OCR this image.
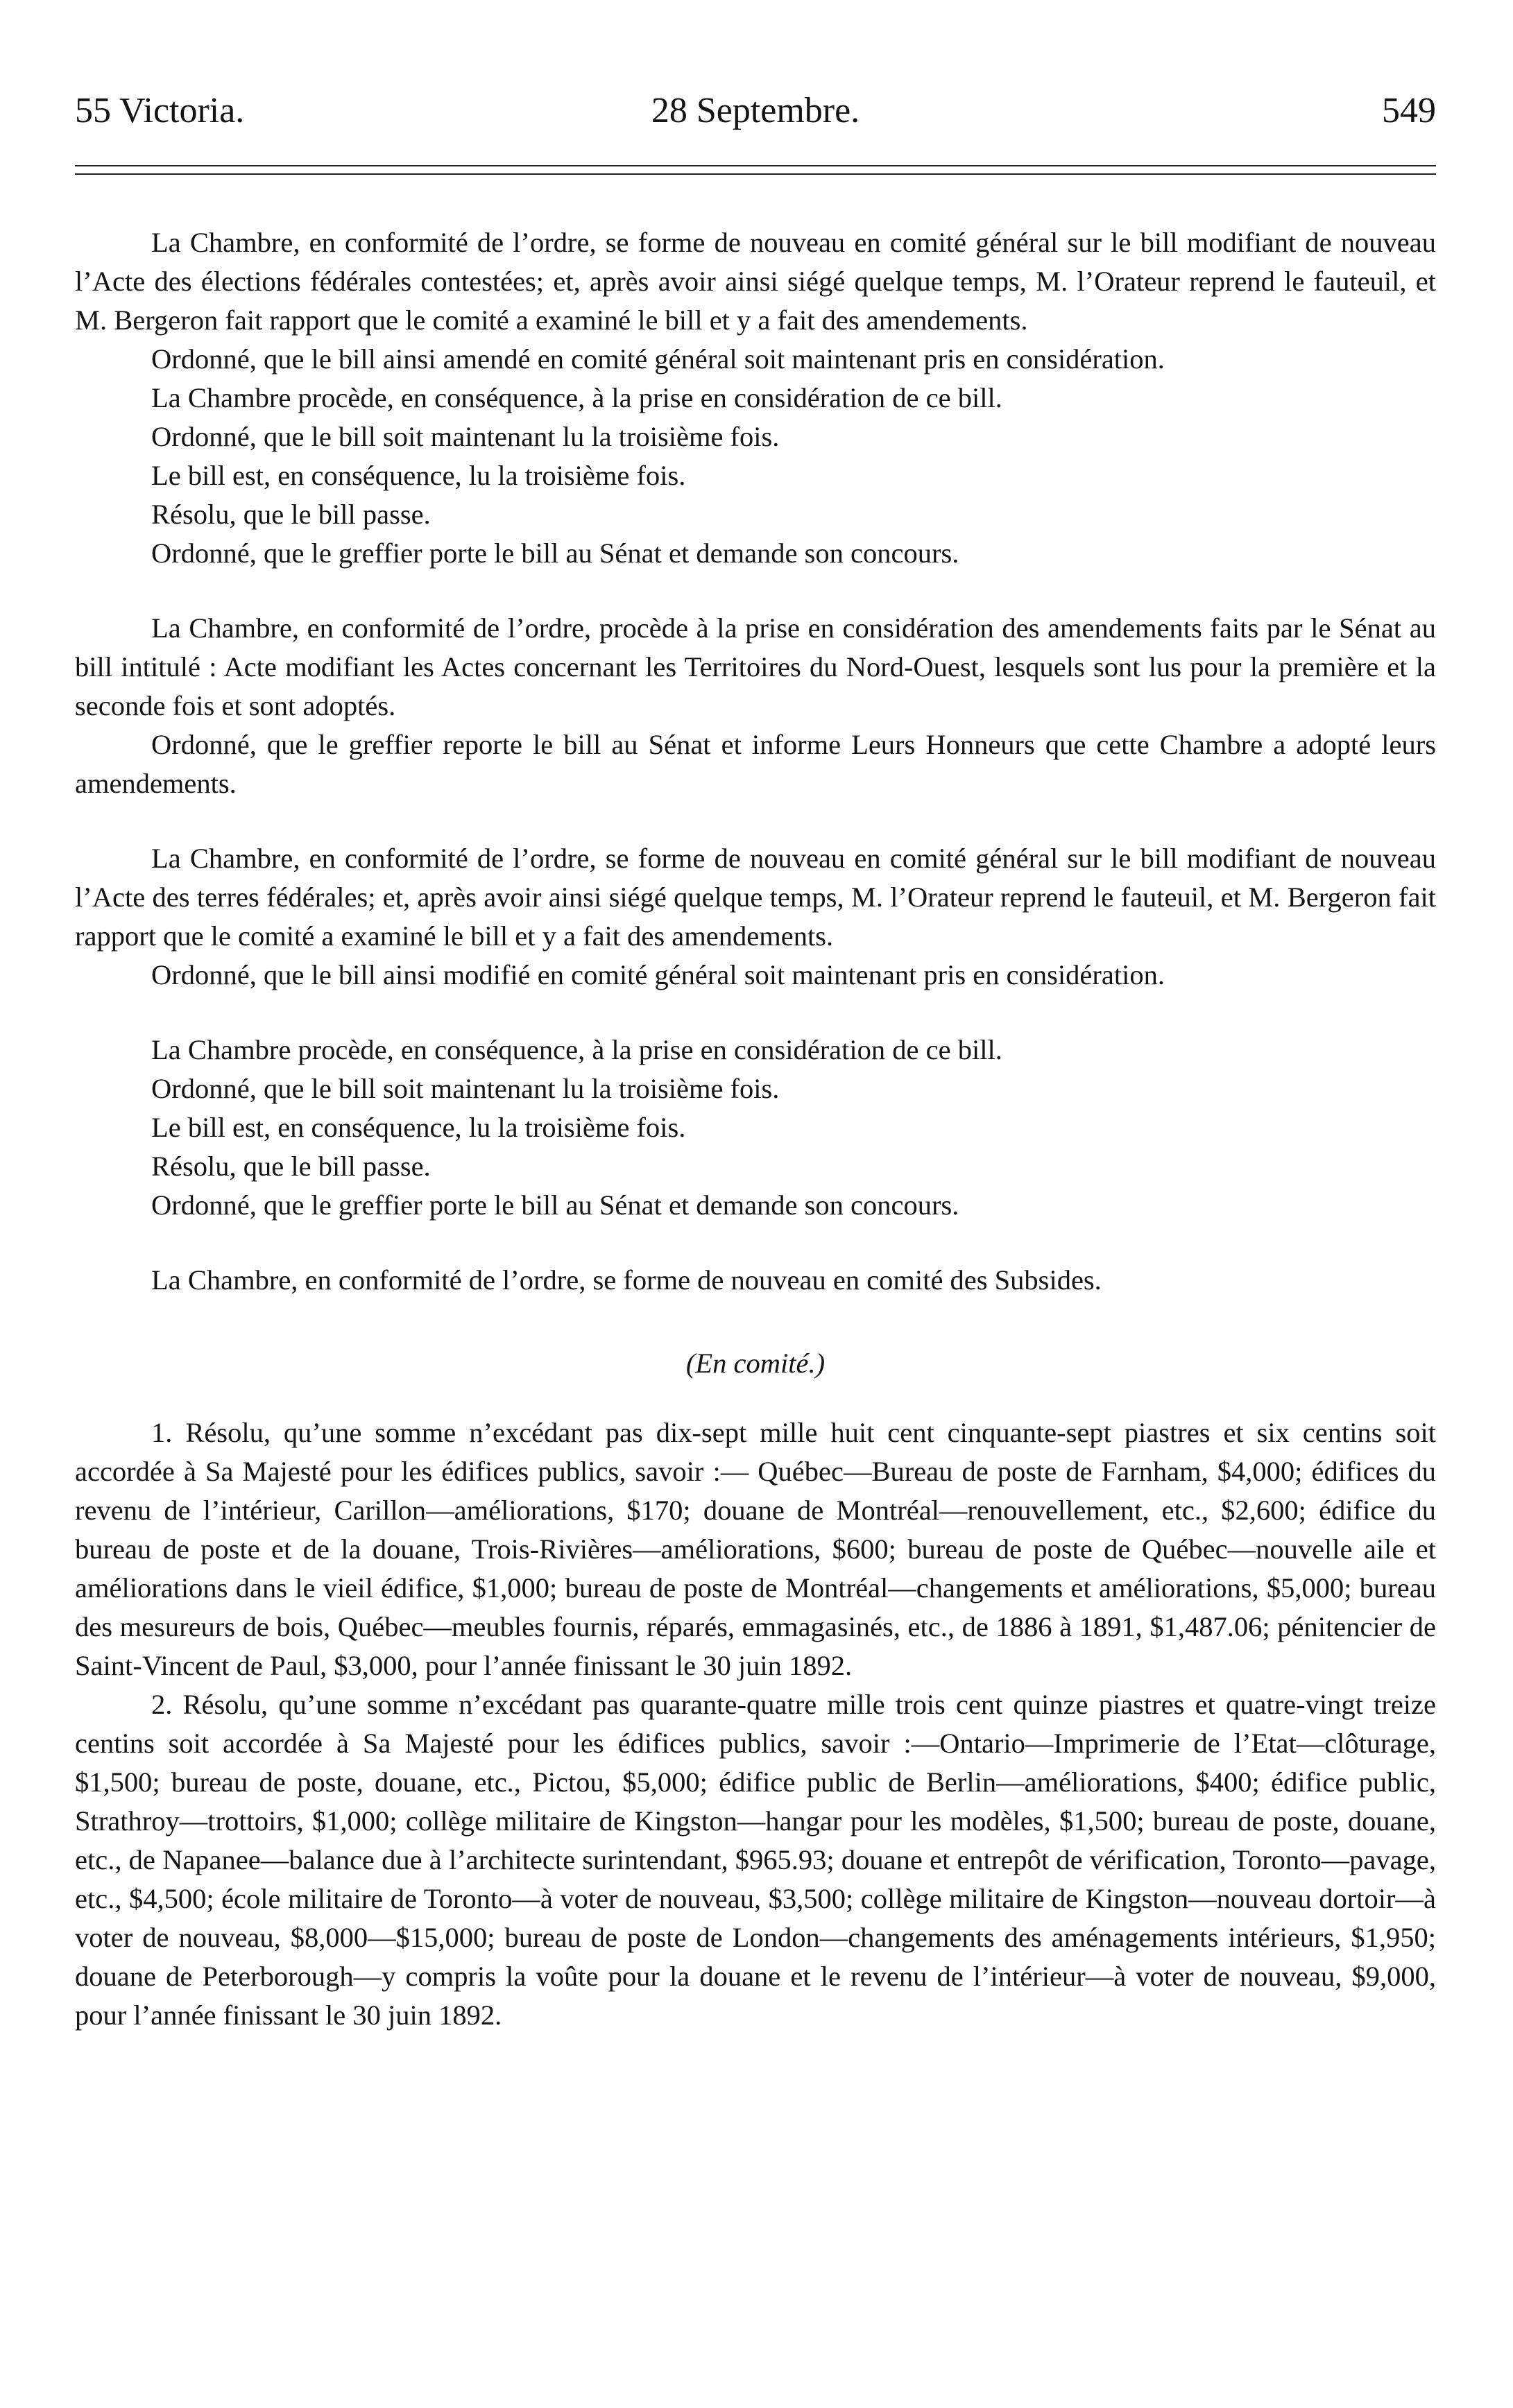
55 Victoria.	28 Septembre.	549

La Chambre, en conformité de l’ordre, se forme de nouveau en comité général sur le bill modifiant de nouveau l’Acte des élections fédérales contestées; et, après avoir ainsi siégé quelque temps, M. l’Orateur reprend le fauteuil, et M. Bergeron fait rapport que le comité a examiné le bill et y a fait des amendements.

Ordonné, que le bill ainsi amendé en comité général soit maintenant pris en considération.

La Chambre procède, en conséquence, à la prise en considération de ce bill.

Ordonné, que le bill soit maintenant lu la troisième fois.

Le bill est, en conséquence, lu la troisième fois.

Résolu, que le bill passe.

Ordonné, que le greffier porte le bill au Sénat et demande son concours.

La Chambre, en conformité de l’ordre, procède à la prise en considération des amendements faits par le Sénat au bill intitulé : Acte modifiant les Actes concernant les Territoires du Nord-Ouest, lesquels sont lus pour la première et la seconde fois et sont adoptés.

Ordonné, que le greffier reporte le bill au Sénat et informe Leurs Honneurs que cette Chambre a adopté leurs amendements.

La Chambre, en conformité de l’ordre, se forme de nouveau en comité général sur le bill modifiant de nouveau l’Acte des terres fédérales; et, après avoir ainsi siégé quelque temps, M. l’Orateur reprend le fauteuil, et M. Bergeron fait rapport que le comité a examiné le bill et y a fait des amendements.

Ordonné, que le bill ainsi modifié en comité général soit maintenant pris en considération.

La Chambre procède, en conséquence, à la prise en considération de ce bill.

Ordonné, que le bill soit maintenant lu la troisième fois.

Le bill est, en conséquence, lu la troisième fois.

Résolu, que le bill passe.

Ordonné, que le greffier porte le bill au Sénat et demande son concours.

La Chambre, en conformité de l’ordre, se forme de nouveau en comité des Subsides.

(En comité.)

1. Résolu, qu’une somme n’excédant pas dix-sept mille huit cent cinquante-sept piastres et six centins soit accordée à Sa Majesté pour les édifices publics, savoir :— Québec—Bureau de poste de Farnham, $4,000; édifices du revenu de l’intérieur, Carillon—améliorations, $170; douane de Montréal—renouvellement, etc., $2,600; édifice du bureau de poste et de la douane, Trois-Rivières—améliorations, $600; bureau de poste de Québec—nouvelle aile et améliorations dans le vieil édifice, $1,000; bureau de poste de Montréal—changements et améliorations, $5,000; bureau des mesureurs de bois, Québec—meubles fournis, réparés, emmagasinés, etc., de 1886 à 1891, $1,487.06; pénitencier de Saint-Vincent de Paul, $3,000, pour l’année finissant le 30 juin 1892.

2. Résolu, qu’une somme n’excédant pas quarante-quatre mille trois cent quinze piastres et quatre-vingt treize centins soit accordée à Sa Majesté pour les édifices publics, savoir :—Ontario—Imprimerie de l’Etat—clôturage, $1,500; bureau de poste, douane, etc., Pictou, $5,000; édifice public de Berlin—améliorations, $400; édifice public, Strathroy—trottoirs, $1,000; collège militaire de Kingston—hangar pour les modèles, $1,500; bureau de poste, douane, etc., de Napanee—balance due à l’architecte surintendant, $965.93; douane et entrepôt de vérification, Toronto—pavage, etc., $4,500; école militaire de Toronto—à voter de nouveau, $3,500; collège militaire de Kingston—nouveau dortoir—à voter de nouveau, $8,000—$15,000; bureau de poste de London—changements des aménagements intérieurs, $1,950; douane de Peterborough—y compris la voûte pour la douane et le revenu de l’intérieur—à voter de nouveau, $9,000, pour l’année finissant le 30 juin 1892.
